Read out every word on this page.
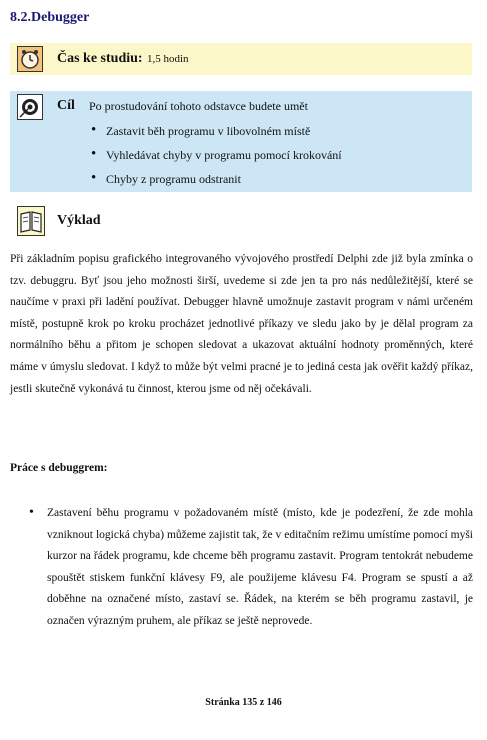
8.2.Debugger
Čas ke studiu: 1,5 hodin
Cíl Po prostudování tohoto odstavce budete umět
• Zastavit běh programu v libovolném místě
• Vyhledávat chyby v programu pomocí krokování
• Chyby z programu odstranit
Výklad

Při základním popisu grafického integrovaného vývojového prostředí Delphi zde již byla zmínka o tzv. debuggru. Byť jsou jeho možnosti širší, uvedeme si zde jen ta pro nás nedůležitější, které se naučíme v praxi při ladění používat. Debugger hlavně umožnuje zastavit program v námi určeném místě, postupně krok po kroku procházet jednotlivé příkazy ve sledu jako by je dělal program za normálního běhu a přitom je schopen sledovat a ukazovat aktuální hodnoty proměnných, které máme v úmyslu sledovat. I když to může být velmi pracné je to jediná cesta jak ověřit každý příkaz, jestli skutečně vykonává tu činnost, kterou jsme od něj očekávali.

Práce s debuggrem:
• Zastavení běhu programu v požadovaném místě (místo, kde je podezření, že zde mohla vzniknout logická chyba) můžeme zajistit tak, že v editačním režimu umístíme pomocí myši kurzor na řádek programu, kde chceme běh programu zastavit. Program tentokrát nebudeme spouštět stiskem funkční klávesy F9, ale použijeme klávesu F4. Program se spustí a až doběhne na označené místo, zastaví se. Řádek, na kterém se běh programu zastavil, je označen výrazným pruhem, ale příkaz se ještě neprovede.

Stránka 135 z 146
